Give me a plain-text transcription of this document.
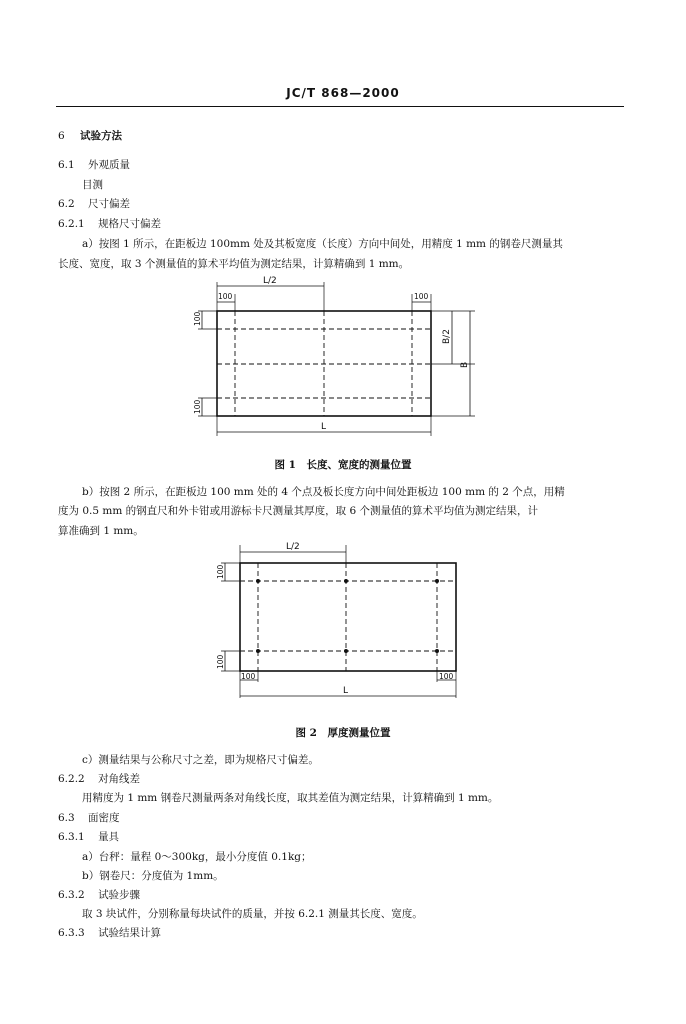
JC/T 868—2000
6 试验方法
6.1 外观质量
目测
6.2 尺寸偏差
6.2.1 规格尺寸偏差
a）按图 1 所示，在距板边 100mm 处及其板宽度（长度）方向中间处，用精度 1 mm 的钢卷尺测量其
长度、宽度，取 3 个测量值的算术平均值为测定结果，计算精确到 1 mm。
L/2
100	100
100
100
B/2
B
L
图 1　长度、宽度的测量位置
b）按图 2 所示，在距板边 100 mm 处的 4 个点及板长度方向中间处距板边 100 mm 的 2 个点，用精
度为 0.5 mm 的钢直尺和外卡钳或用游标卡尺测量其厚度，取 6 个测量值的算术平均值为测定结果，计
算准确到 1 mm。
L/2
100
100
100	100
L
图 2　厚度测量位置
c）测量结果与公称尺寸之差，即为规格尺寸偏差。
6.2.2 对角线差
用精度为 1 mm 钢卷尺测量两条对角线长度，取其差值为测定结果，计算精确到 1 mm。
6.3 面密度
6.3.1 量具
a）台秤：量程 0～300kg，最小分度值 0.1kg；
b）钢卷尺：分度值为 1mm。
6.3.2 试验步骤
取 3 块试件，分别称量每块试件的质量，并按 6.2.1 测量其长度、宽度。
6.3.3 试验结果计算
